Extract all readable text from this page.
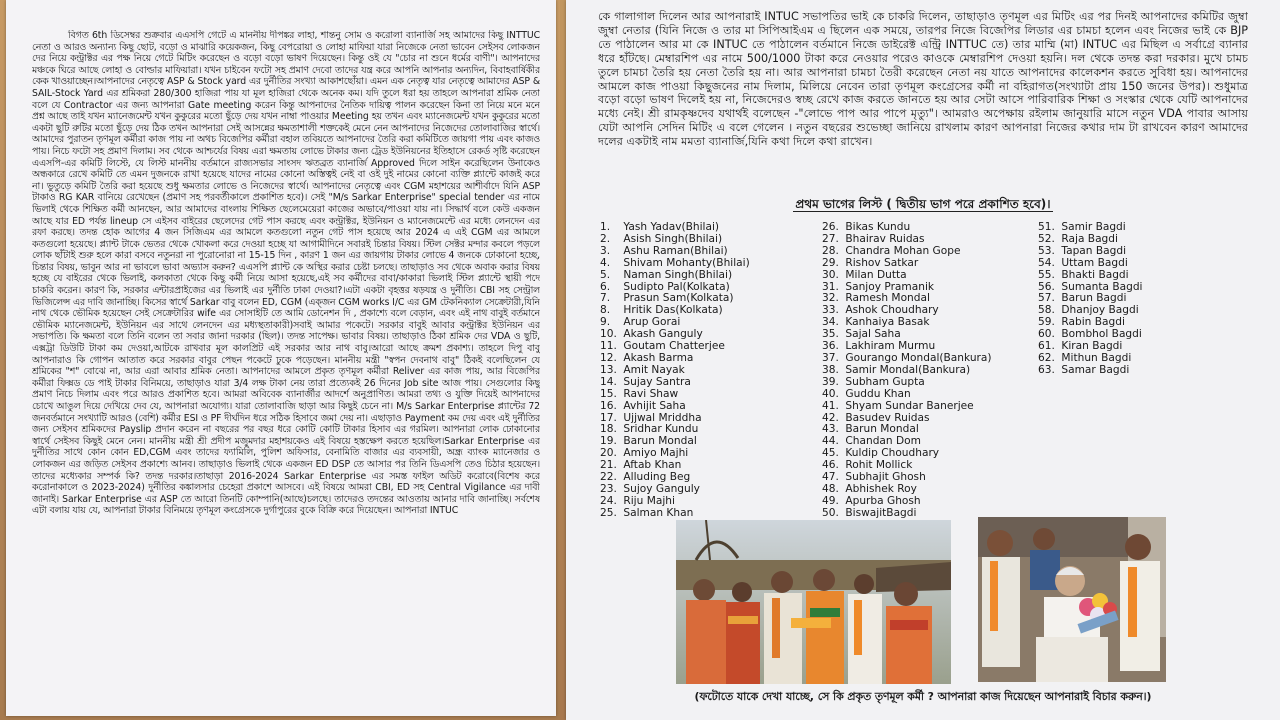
বিগত 6th ডিসেম্বর শুক্রবার এএসপি গেটে এ মাননীয় দীপঙ্কর লাহা, শান্তনু সোম ও করোলা ব্যানার্জি সহ আমাদের কিছু INTTUC নেতা ও আরও অন্যান্য কিছু ছোট, বড়ো ও মাঝারি কয়েকজন, কিছু বেপরোয়া ও লোহা মাফিয়া যারা নিজেকে নেতা ভাবেন সেইসব লোকজন দের নিয়ে কন্ট্রাক্টর এর পক্ষ নিয়ে গেটে মিটিং করেছেন ও বড়ো বড়ো ভাষণ দিয়েছেন। কিন্তু ওই যে "চোর না শুনে ধর্মের বাণী"। আপনাদের মঞ্চকে ঘিরে আছে লোহা ও বোল্ডার মাফিয়ারা। যখন চাইবেন ফটো সহ প্রমাণ দেবো তাদের যন্ত্র করে আপনি আপনার অন্যদিন, বিবাহবার্ষিকীর কেক খাওয়াচ্ছেন।আপনাদের নেতৃত্বে ASP & Stock yard এর দুর্নীতির সংখ্যা আকাশছোঁয়া। এমন এক নেতৃত্ব যার নেতৃত্বে আমাদের ASP & SAIL-Stock Yard এর শ্রমিকরা 280/300 হাজিরা পায় যা মূল হাজিরা থেকে অনেক কম। যদি তুলে ধরা হয় তাহলে আপনারা শ্রমিক নেতা বলে যে Contractor এর জন্য আপনারা Gate meeting করেন কিন্তু আপনাদের নৈতিক দায়িত্ব পালন করেছেন কিনা তা নিয়ে মনে মনে প্রশ্ন আছে তাই যখন ম্যানেজমেন্ট যখন কুকুরের মতো ছুঁড়ে দেয় যখন নাম্বা পাওয়ার Meeting হয় তখন এবং ম্যানেজমেন্ট যখন কুকুরের মতো একটা ছুটি রুটির মতো ছুঁড়ে দেয় ঠিক তখন আপনারা সেই আসন্নের ক্ষমতাশালী শক্তকেই মেনে নেন আপনাদের নিজেদের তোলাবাজির স্বার্থে। আমাদের পুরাতন তৃণমূল কর্মীরা কাজ পায় না অথচ বিজেপির কর্মীরা বহাল তবিয়তে আপনাদের তৈরি করা কমিটিতে জায়গা পায় এবং কাজও পায়। নিচে ফটো সহ প্রমাণ দিলাম। সব থেকে আশ্চর্যের বিষয় এরা ক্ষমতায় লোভে টাকার জন্য ট্রেড ইউনিয়নের ইতিহাসে রেকর্ড সৃষ্টি করেছেন এএসপি-এর কমিটি লিস্টে, যে লিস্ট মাননীয় বর্তমানে রাজ্যসভার সাংসদ ঋতব্রত ব্যানার্জি Approved দিলে সাইন করেছিলেন উনাকেও অন্ধকারে রেখে কমিটি তে এমন দুজনকে রাখা হয়েছে যাদের নামের কোনো অস্তিত্বই নেই বা ওই দুই নামের কোনো ব্যক্তি প্ল্যান্টে কাজই করে না। ভুতুড়ে কমিটি তৈরি করা হয়েছে শুধু ক্ষমতার লোভে ও নিজেদের স্বার্থে। আপনাদের নেতৃত্বে এবং CGM মহাশয়ের আশীর্বাদে যিনি ASP টাকাও RG KAR বানিয়ে রেখেছেন (প্রমাণ সহ পরবর্তীকালে প্রকাশিত হবে)। সেই "M/s Sarkar Enterprise" special tender এর নামে ভিলাই থেকে শিক্ষিত কর্মী আনছেন, আর আমাদের বাংলায় শিক্ষিত ছেলেমেয়েরা কাজের অভাবে/পাওয়া যায় না। সিদ্ধার্থ বলে কেউ একজন আছে যার ED পর্যন্ত lineup সে এইসব বাইরের ছেলেদের গেট পাস করছে এবং কন্ট্রাক্টর, ইউনিয়ন ও ম্যানেজমেন্টে এর মধ্যে লেনদেন এর রফা করছে। তদন্ত হোক আগের 4 জন সিজিএম এর আমলে কতগুলো নতুন গেট পাস হয়েছে আর 2024 এ এই CGM এর আমলে কতগুলো হয়েছে। প্ল্যান্ট টাকে ভেতর থেকে খোকলা করে দেওয়া হচ্ছে যা আগামীদিনে সবারই চিন্তার বিষয়। স্টিল সেক্টর মন্দার কবলে পড়লে লোক ছাঁটাই শুরু হলে কারা বসবে নতুনরা না পুরোনোরা না 15-15 দিন , কারণ 1 জন এর জায়গায় টাকার লোভে 4 জনকে ঢোকানো হচ্ছে, চিন্তার বিষয়, ভাবুন আর না ভাবলে ভাবা অভ্যাস করুন? এএসপি প্ল্যান্ট কে অস্থির করার চেষ্টা চলছে। তাছাড়াও সব থেকে অবাক করার বিষয় হচ্ছে যে বাইরের থেকে ভিলাই, কলকাতা থেকে কিছু কর্মী নিয়ে আসা হয়েছে,এই সব কর্মীদের বাবা/কাকারা ভিলাই স্টিল প্ল্যান্টে স্থায়ী পদে চাকরি করেন। কারণ কি, সরকার এন্টারপ্রাইজের এর ভিলাই এর দুর্নীতি ঢাকা দেওয়া?।এটা একটা বৃহত্তর ষড়যন্ত্র ও দুর্নীতি। CBI সহ সেন্ট্রাল ভিজিলেন্স এর দাবি জানাচ্ছি। কিসের স্বার্থে Sarkar বাবু বলেন ED, CGM (এক্জন CGM works I/C এর GM টেকনিক্যাল সেক্রেটারী,যিনি নাথ থেকে ভৌমিক হয়েছেন সেই সেক্রেটারির wife এর সোসাইটি তে আমি ডোনেশন দি , প্রকাশ্যে বলে বেড়ান, এবং এই নাথ বাবুই বর্তমানে ভৌমিক ম্যানেজমেন্ট, ইউনিয়ন এর সাথে লেনদেন এর মধ্যস্থতাকারী)সবাই আমার পকেটে। সরকার বাবুই আবার কন্ট্রাক্টর ইউনিয়ন এর সভাপতি। কি ক্ষমতা বলে তিনি বলেন তা সবার জানা দরকার (ছিল)। তদন্ত সাপেক্ষ। ভাবার বিষয়। তাছাড়াও ঠিকা শ্রমিক দের VDA ও ছুটি, এক্সট্রা ডিউটি টাকা কম দেওয়া,আটকে রাখবার মূল কালপ্রিট এই সরকার আর নাথ বাবু।আরো আছে ক্রমশ প্রকাশ্য। তাহলে দিপু বাবু আপনারাও কি গোপন আতাত করে সরকার বাবুর পেছন পকেটে ঢুকে পড়েছেন। মাননীয় মন্ত্রী "স্বপন দেবনাথ বাবু" ঠিকই বলেছিলেন যে শ্রমিকের "শ" বোঝে না, আর এরা আবার শ্রমিক নেতা। আপনাদের আমলে প্রকৃত তৃণমূল কর্মীরা Reliver এর কাজ পায়, আর বিজেপির কর্মীরা ফিক্সড ডে পাই টাকার বিনিময়ে, তাছাড়াও যারা 3/4 লক্ষ টাকা নেয় তারা প্রত্যেকই 26 দিনের Job site আজ পায়। সেগুলোর কিছু প্রমাণ নিচে দিলাম এবং পরে আরও প্রকাশিত হবে। আমরা অবিবেক ব্যানার্জীর আদর্শে অনুপ্রাণিত। আমরা তথ্য ও যুক্তি দিয়েই আপনাদের চোখে আঙুল দিয়ে দেখিয়ে দেব যে, আপনারা অযোগ্য। যারা তোলাবাজি ছাড়া আর কিছুই চেনে না। M/s Sarkar Enterprise প্ল্যান্টের 72 জনবর্তমানে সংখ্যাটি আরও (বেশি) কর্মীর ESI ও PF দীর্ঘদিন ধরে সঠিক হিসাবে জমা দেয় না। এছাড়াও Payment কম দেয় এবং এই দুর্নীতির জন্য সেইসব শ্রমিকদের Payslip প্রদান করেন না বছরের পর বছর ধরে কোটি কোটি টাকার হিসাব এর গরমিল। আপনারা লোক ঢোকানোর স্বার্থে সেইসব কিছুই মেনে নেন। মাননীয় মন্ত্রী শ্রী প্রদীপ মজুমদার মহাশয়কেও এই বিষয়ে হস্তক্ষেপ করতে হয়েছিল।Sarkar Enterprise এর দুর্নীতির সাথে কোন কোন ED,CGM এবং তাদের ফ্যামিলি, পুলিশ অফিসার, বেনামিতি বাজার এর ব্যবসায়ী, অন্ধ্র ব্যাংক ম্যানেজার ও লোকজন এর জড়িত সেইসব প্রকাশ্যে আনব। তাছাড়াও ভিলাই থেকে একজন ED DSP তে আসার পর তিনি ডিএসপি তেও চিঠার হয়েছেন। তাদের মধ্যেকার সম্পর্ক কি? তদন্ত দরকার।তাছাড়া 2016-2024 Sarkar Enterprise এর সমস্ত ফাইল অডিট করোবে(বিশেষ করে করোনাকালে ও 2023-2024) দুর্নীতির কঙ্কালসার চেহেরা প্রকাশে আসবে। এই বিষয়ে আমরা CBI, ED সহ Central Vigilance এর দাবী জানাই। Sarkar Enterprise এর ASP তে আরো তিনটি কোম্পানি(আছে)চলছে। তাদেরও তদন্তের আওতায় আনার দাবি জানাচ্ছি। সর্বশেষ এটা বলায় যায় যে, আপনারা টাকার বিনিময়ে তৃণমূল কংগ্রেসকে দুর্গাপুরের বুকে বিক্রি করে দিয়েছেন। আপনারা INTUC
কে গালাগাল দিলেন আর আপনারাই INTUC সভাপতির ভাই কে চাকরি দিলেন, তাছাড়াও তৃণমূল এর মিটিং এর পর দিনই আপনাদের কমিটির জুম্বা জুম্বা নেতার (যিনি নিজে ও তার মা সিপিআইএম এ ছিলেন এক সময়ে, তারপর নিজে বিজেপির লিডার এর চামচা হলেন এবং নিজের ভাই কে BJP তে পাঠালেন আর মা কে INTUC তে পাঠালেন বর্তমানে নিজে ডাইরেক্ট এন্ট্রি INTTUC তে) তার মাম্মি (মা) INTUC এর মিছিল এ সর্বাগ্রে ব্যানার ধরে হাঁটছে। মেম্বারশিপ এর নামে 500/1000 টাকা করে নেওয়ার পরেও কাওকে মেম্বারশিপ দেওয়া হয়নি। দল থেকে তদন্ত করা দরকার। মুখে চামচ তুলে চামচা তৈরি হয় নেতা তৈরি হয় না। আর আপনারা চামচা তৈরী করেছেন নেতা নয় যাতে আপনাদের কালেকশন করতে সুবিধা হয়। আপনাদের আমলে কাজ পাওয়া কিছুজনের নাম দিলাম, মিলিয়ে নেবেন তারা তৃণমূল কংগ্রেসের কর্মী না বহিরাগত(সংখ্যাটা প্রায় 150 জনের উপর)। শুধুমাত্র বড়ো বড়ো ভাষণ দিলেই হয় না, নিজেদেরও স্বচ্ছ রেখে কাজ করতে জানতে হয় আর সেটা আসে পারিবারিক শিক্ষা ও সংস্কার থেকে যেটি আপনাদের মধ্যে নেই। শ্রী রামকৃষ্ণদেব যথার্থই বলেছেন -"লোভে পাপ আর পাপে মৃত্যু"। আমরাও অপেক্ষায় রইলাম জানুয়ারি মাসে নতুন VDA পাবার আসায় যেটা আপনি সেদিন মিটিং এ বলে গেলেন । নতুন বছরের শুভেচ্ছা জানিয়ে রাখলাম কারণ আপনারা নিজের কথার দাম টা রাখবেন কারণ আমাদের দলের একটাই নাম মমতা ব্যানার্জি,যিনি কথা দিলে কথা রাখেন।
প্রথম ভাগের লিস্ট ( দ্বিতীয় ভাগ পরে প্রকাশিত হবে)।
1. Yash Yadav(Bhilai)
2. Asish Singh(Bhilai)
3. Ashu Raman(Bhilai)
4. Shivam Mohanty(Bhilai)
5. Naman Singh(Bhilai)
6. Sudipto Pal(Kolkata)
7. Prasun Sam(Kolkata)
8. Hritik Das(Kolkata)
9. Arup Gorai
10. Akash Ganguly
11. Goutam Chatterjee
12. Akash Barma
13. Amit Nayak
14. Sujay Santra
15. Ravi Shaw
16. Avhijit Saha
17. Ujjwal Mriddha
18. Sridhar Kundu
19. Barun Mondal
20. Amiyo Majhi
21. Aftab Khan
22. Alluding Beg
23. Sujoy Ganguly
24. Riju Majhi
25. Salman Khan
26. Bikas Kundu
27. Bhairav Ruidas
28. Chandra Mohan Gope
29. Rishov Satkar
30. Milan Dutta
31. Sanjoy Pramanik
32. Ramesh Mondal
33. Ashok Choudhary
34. Kanhaiya Basak
35. Sajal Saha
36. Lakhiram Murmu
37. Gourango Mondal(Bankura)
38. Samir Mondal(Bankura)
39. Subham Gupta
40. Guddu Khan
41. Shyam Sundar Banerjee
42. Basudev Ruidas
43. Barun Mondal
44. Chandan Dom
45. Kuldip Choudhary
46. Rohit Mollick
47. Subhajit Ghosh
48. Abhishek Roy
49. Apurba Ghosh
50. BiswajitBagdi
51. Samir Bagdi
52. Raja Bagdi
53. Tapan Bagdi
54. Uttam Bagdi
55. Bhakti Bagdi
56. Sumanta Bagdi
57. Barun Bagdi
58. Dhanjoy Bagdi
59. Rabin Bagdi
60. Bombhol Bagdi
61. Kiran Bagdi
62. Mithun Bagdi
63. Samar Bagdi
(ফটোতে যাকে দেখা যাচ্ছে, সে কি প্রকৃত তৃণমূল কর্মী ? আপনারা কাজ দিয়েছেন আপনারাই বিচার করুন।)
